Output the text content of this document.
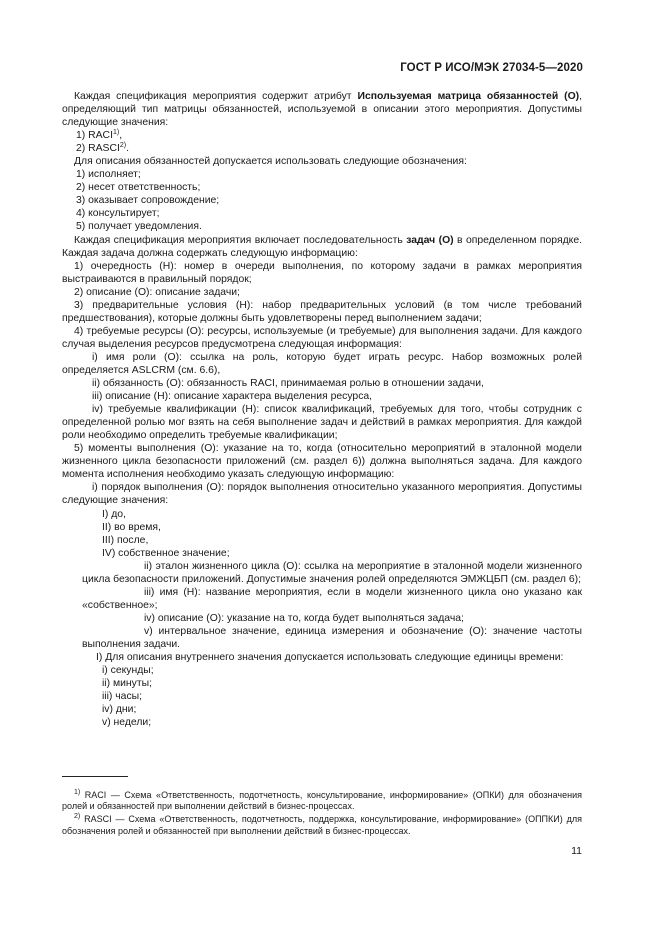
ГОСТ Р ИСО/МЭК 27034-5—2020

Каждая спецификация мероприятия содержит атрибут Используемая матрица обязанностей (О), определяющий тип матрицы обязанностей, используемой в описании этого мероприятия. Допустимы следующие значения:

1) RACI$^{1)}$,

2) RASCI$^{2)}$.

Для описания обязанностей допускается использовать следующие обозначения:

1) исполняет;

2) несет ответственность;

3) оказывает сопровождение;

4) консультирует;

5) получает уведомления.

Каждая спецификация мероприятия включает последовательность задач (О) в определенном порядке. Каждая задача должна содержать следующую информацию:

1) очередность (Н): номер в очереди выполнения, по которому задачи в рамках мероприятия выстраиваются в правильный порядок;

2) описание (О): описание задачи;

3) предварительные условия (Н): набор предварительных условий (в том числе требований предшествования), которые должны быть удовлетворены перед выполнением задачи;

4) требуемые ресурсы (О): ресурсы, используемые (и требуемые) для выполнения задачи. Для каждого случая выделения ресурсов предусмотрена следующая информация:

i) имя роли (О): ссылка на роль, которую будет играть ресурс. Набор возможных ролей определяется ASLCRM (см. 6.6),

ii) обязанность (О): обязанность RACI, принимаемая ролью в отношении задачи,

iii) описание (Н): описание характера выделения ресурса,

iv) требуемые квалификации (Н): список квалификаций, требуемых для того, чтобы сотрудник с определенной ролью мог взять на себя выполнение задач и действий в рамках мероприятия. Для каждой роли необходимо определить требуемые квалификации;

5) моменты выполнения (О): указание на то, когда (относительно мероприятий в эталонной модели жизненного цикла безопасности приложений (см. раздел 6)) должна выполняться задача. Для каждого момента исполнения необходимо указать следующую информацию:

i) порядок выполнения (О): порядок выполнения относительно указанного мероприятия. Допустимы следующие значения:

I) до,

II) во время,

III) после,

IV) собственное значение;

ii) эталон жизненного цикла (О): ссылка на мероприятие в эталонной модели жизненного цикла безопасности приложений. Допустимые значения ролей определяются ЭМЖЦБП (см. раздел 6);

iii) имя (Н): название мероприятия, если в модели жизненного цикла оно указано как «собственное»;

iv) описание (О): указание на то, когда будет выполняться задача;

v) интервальное значение, единица измерения и обозначение (О): значение частоты выполнения задачи.

I) Для описания внутреннего значения допускается использовать следующие единицы времени:

i) секунды;

ii) минуты;

iii) часы;

iv) дни;

v) недели;

$^{1)}$ RACI — Схема «Ответственность, подотчетность, консультирование, информирование» (ОПКИ) для обозначения ролей и обязанностей при выполнении действий в бизнес-процессах.

$^{2)}$ RASCI — Схема «Ответственность, подотчетность, поддержка, консультирование, информирование» (ОППКИ) для обозначения ролей и обязанностей при выполнении действий в бизнес-процессах.

11
